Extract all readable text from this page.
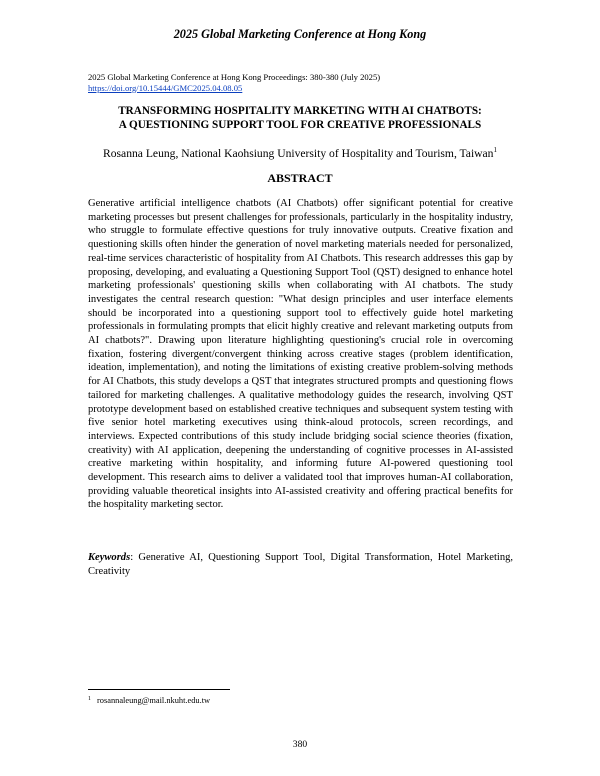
2025 Global Marketing Conference at Hong Kong
2025 Global Marketing Conference at Hong Kong Proceedings: 380-380 (July 2025)
https://doi.org/10.15444/GMC2025.04.08.05
TRANSFORMING HOSPITALITY MARKETING WITH AI CHATBOTS:
A QUESTIONING SUPPORT TOOL FOR CREATIVE PROFESSIONALS
Rosanna Leung, National Kaohsiung University of Hospitality and Tourism, Taiwan$^1$
ABSTRACT

Generative artificial intelligence chatbots (AI Chatbots) offer significant potential for creative marketing processes but present challenges for professionals, particularly in the hospitality industry, who struggle to formulate effective questions for truly innovative outputs. Creative fixation and questioning skills often hinder the generation of novel marketing materials needed for personalized, real-time services characteristic of hospitality from AI Chatbots. This research addresses this gap by proposing, developing, and evaluating a Questioning Support Tool (QST) designed to enhance hotel marketing professionals' questioning skills when collaborating with AI chatbots. The study investigates the central research question: "What design principles and user interface elements should be incorporated into a questioning support tool to effectively guide hotel marketing professionals in formulating prompts that elicit highly creative and relevant marketing outputs from AI chatbots?". Drawing upon literature highlighting questioning's crucial role in overcoming fixation, fostering divergent/convergent thinking across creative stages (problem identification, ideation, implementation), and noting the limitations of existing creative problem-solving methods for AI Chatbots, this study develops a QST that integrates structured prompts and questioning flows tailored for marketing challenges. A qualitative methodology guides the research, involving QST prototype development based on established creative techniques and subsequent system testing with five senior hotel marketing executives using think-aloud protocols, screen recordings, and interviews. Expected contributions of this study include bridging social science theories (fixation, creativity) with AI application, deepening the understanding of cognitive processes in AI-assisted creative marketing within hospitality, and informing future AI-powered questioning tool development. This research aims to deliver a validated tool that improves human-AI collaboration, providing valuable theoretical insights into AI-assisted creativity and offering practical benefits for the hospitality marketing sector.

Keywords: Generative AI, Questioning Support Tool, Digital Transformation, Hotel Marketing, Creativity

$^1$ rosannaleung@mail.nkuht.edu.tw
380
